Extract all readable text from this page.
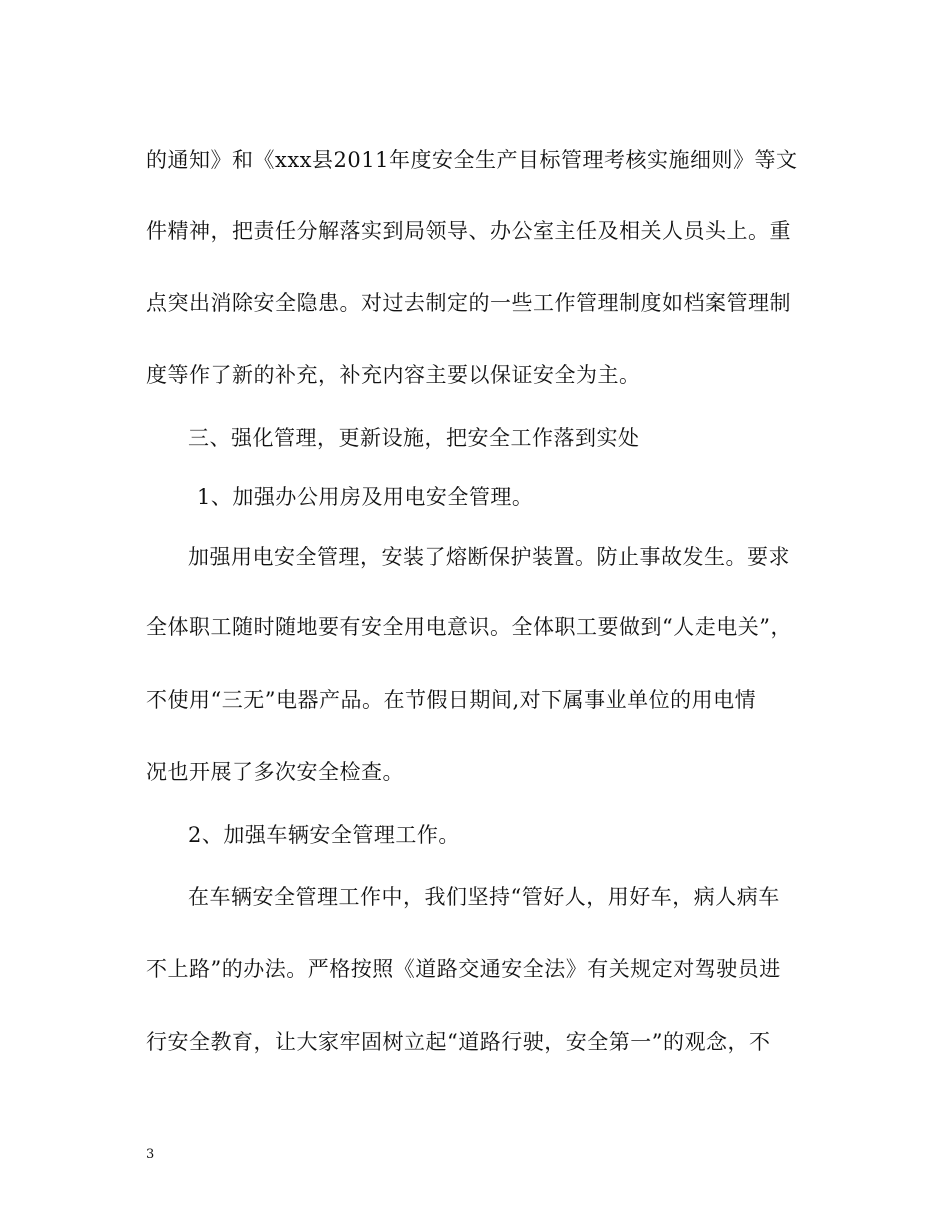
的通知》和《xxx县2011年度安全生产目标管理考核实施细则》等文
件精神，把责任分解落实到局领导、办公室主任及相关人员头上。重
点突出消除安全隐患。对过去制定的一些工作管理制度如档案管理制
度等作了新的补充，补充内容主要以保证安全为主。
三、强化管理，更新设施，把安全工作落到实处
1、加强办公用房及用电安全管理。
加强用电安全管理，安装了熔断保护装置。防止事故发生。要求
全体职工随时随地要有安全用电意识。全体职工要做到“人走电关”，
不使用“三无”电器产品。在节假日期间,对下属事业单位的用电情
况也开展了多次安全检查。
2、加强车辆安全管理工作。
在车辆安全管理工作中，我们坚持“管好人，用好车，病人病车
不上路”的办法。严格按照《道路交通安全法》有关规定对驾驶员进
行安全教育，让大家牢固树立起“道路行驶，安全第一”的观念，不
3
